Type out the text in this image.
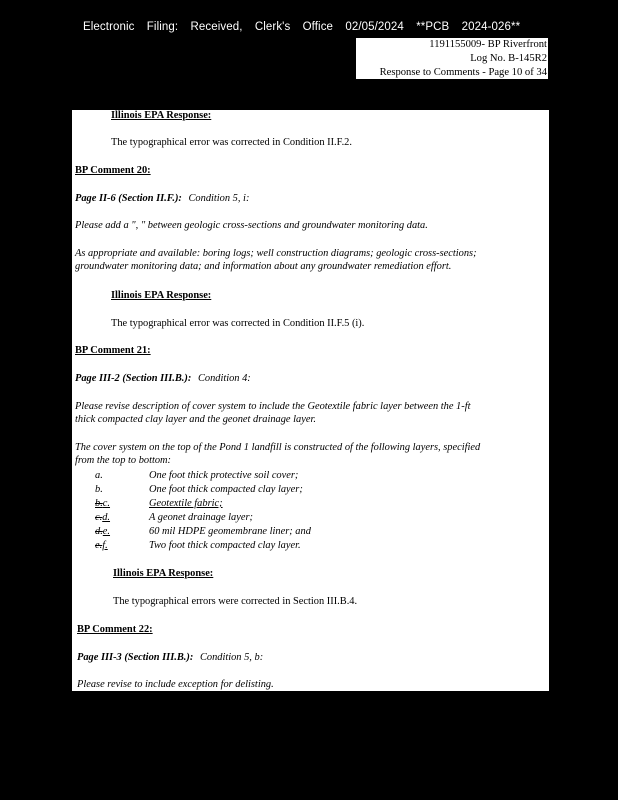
Electronic Filing: Received, Clerk's Office 02/05/2024 **PCB 2024-026**
1191155009- BP Riverfront
Log No. B-145R2
Response to Comments - Page 10 of 34
Illinois EPA Response:
The typographical error was corrected in Condition II.F.2.
BP Comment 20:
Page II-6 (Section II.F.): Condition 5, i:
Please add a ", " between geologic cross-sections and groundwater monitoring data.
As appropriate and available: boring logs; well construction diagrams; geologic cross-sections;
groundwater monitoring data; and information about any groundwater remediation effort.
Illinois EPA Response:
The typographical error was corrected in Condition II.F.5 (i).
BP Comment 21:
Page III-2 (Section III.B.): Condition 4:
Please revise description of cover system to include the Geotextile fabric layer between the 1-ft
thick compacted clay layer and the geonet drainage layer.
The cover system on the top of the Pond 1 landfill is constructed of the following layers, specified
from the top to bottom:
a.	One foot thick protective soil cover;
b.	One foot thick compacted clay layer;
b.c.	Geotextile fabric;
c.d.	A geonet drainage layer;
d.e.	60 mil HDPE geomembrane liner; and
e.f.	Two foot thick compacted clay layer.
Illinois EPA Response:
The typographical errors were corrected in Section III.B.4.
BP Comment 22:
Page III-3 (Section III.B.): Condition 5, b:
Please revise to include exception for delisting.
